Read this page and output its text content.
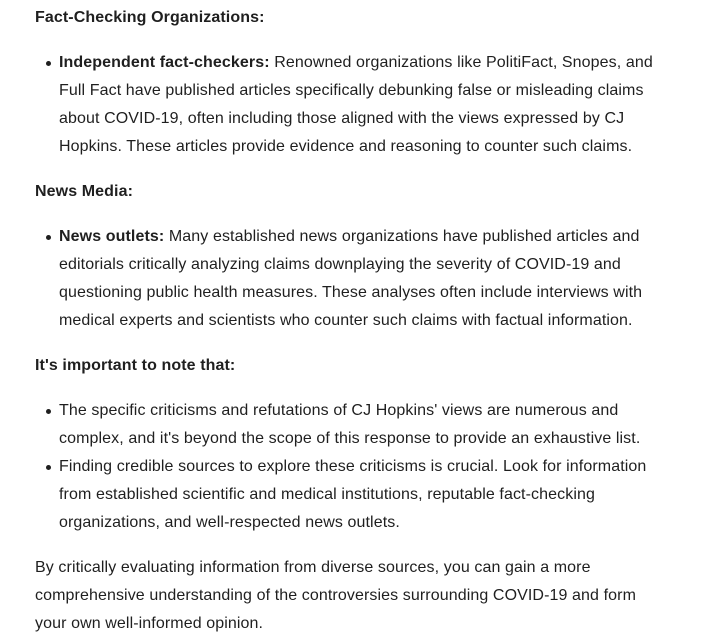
Fact-Checking Organizations:
Independent fact-checkers: Renowned organizations like PolitiFact, Snopes, and Full Fact have published articles specifically debunking false or misleading claims about COVID-19, often including those aligned with the views expressed by CJ Hopkins. These articles provide evidence and reasoning to counter such claims.
News Media:
News outlets: Many established news organizations have published articles and editorials critically analyzing claims downplaying the severity of COVID-19 and questioning public health measures. These analyses often include interviews with medical experts and scientists who counter such claims with factual information.
It's important to note that:
The specific criticisms and refutations of CJ Hopkins' views are numerous and complex, and it's beyond the scope of this response to provide an exhaustive list.
Finding credible sources to explore these criticisms is crucial. Look for information from established scientific and medical institutions, reputable fact-checking organizations, and well-respected news outlets.

By critically evaluating information from diverse sources, you can gain a more comprehensive understanding of the controversies surrounding COVID-19 and form your own well-informed opinion.
